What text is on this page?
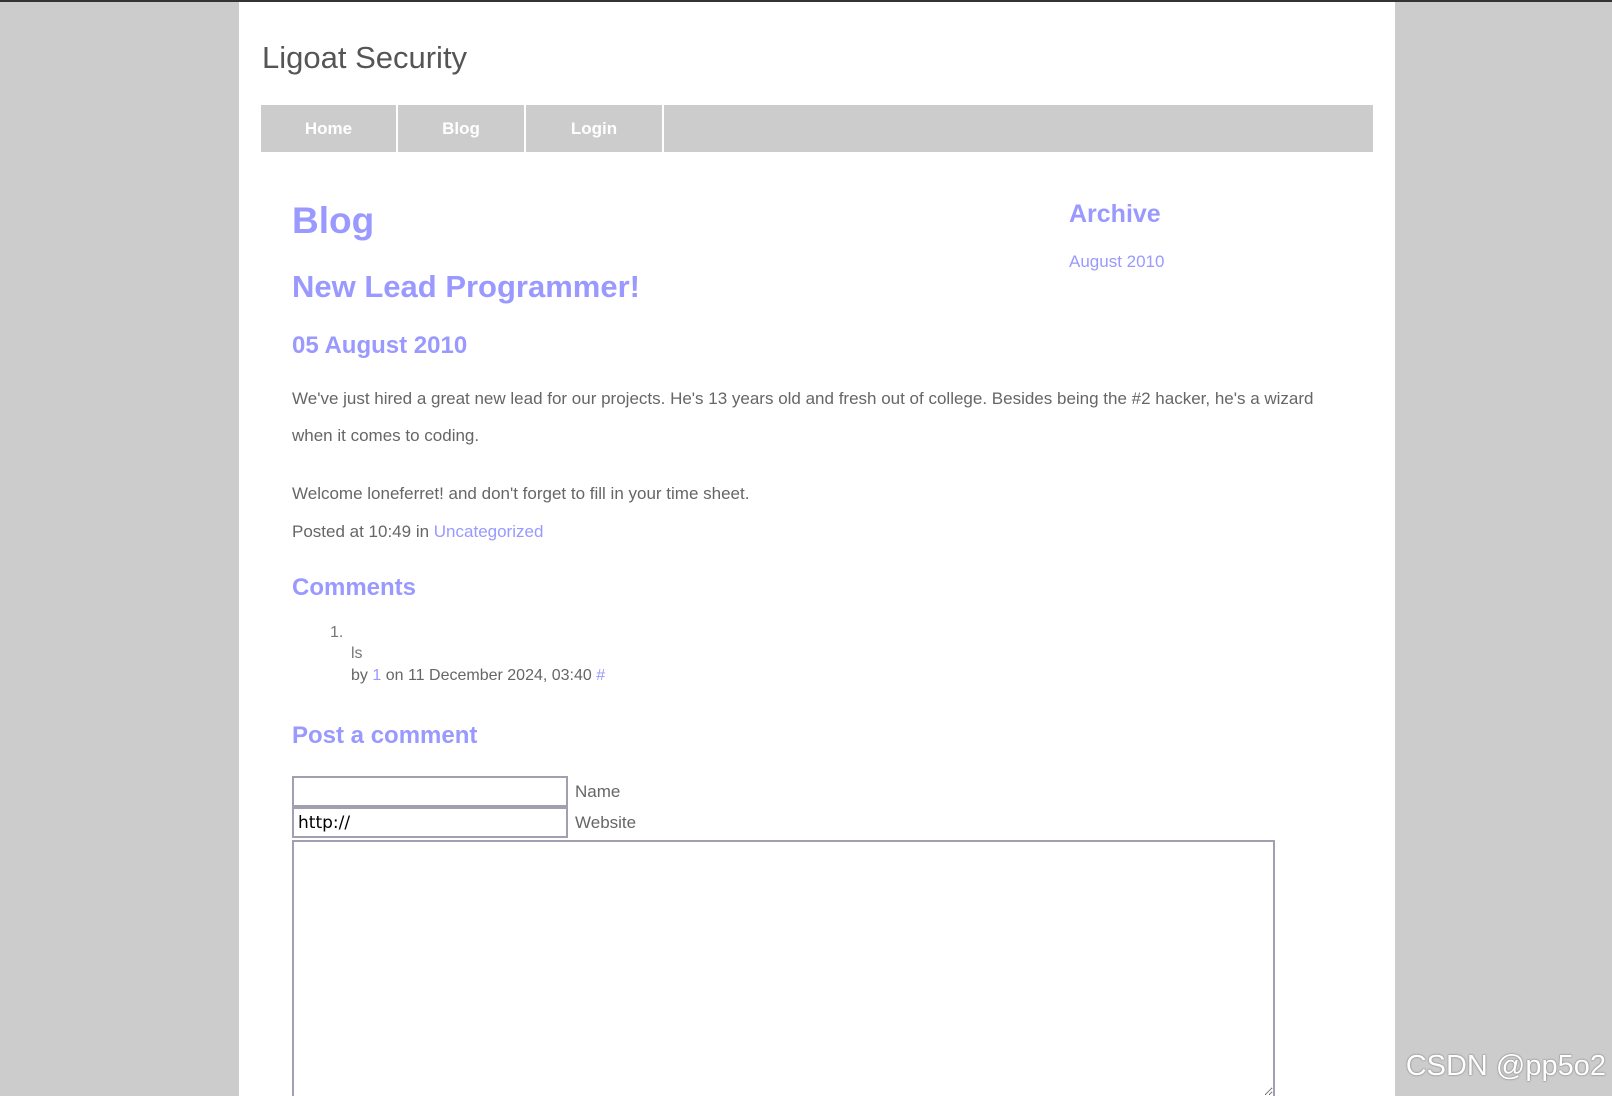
Ligoat Security
Home	Blog	Login
Blog
New Lead Programmer!
05 August 2010

We've just hired a great new lead for our projects. He's 13 years old and fresh out of college. Besides being the #2 hacker, he's a wizard when it comes to coding.

Welcome loneferret! and don't forget to fill in your time sheet.

Posted at 10:49 in Uncategorized

Comments
1.
ls
by 1 on 11 December 2024, 03:40 #
Post a comment
Name
http://
Website
Archive
August 2010
CSDN @pp5o2
